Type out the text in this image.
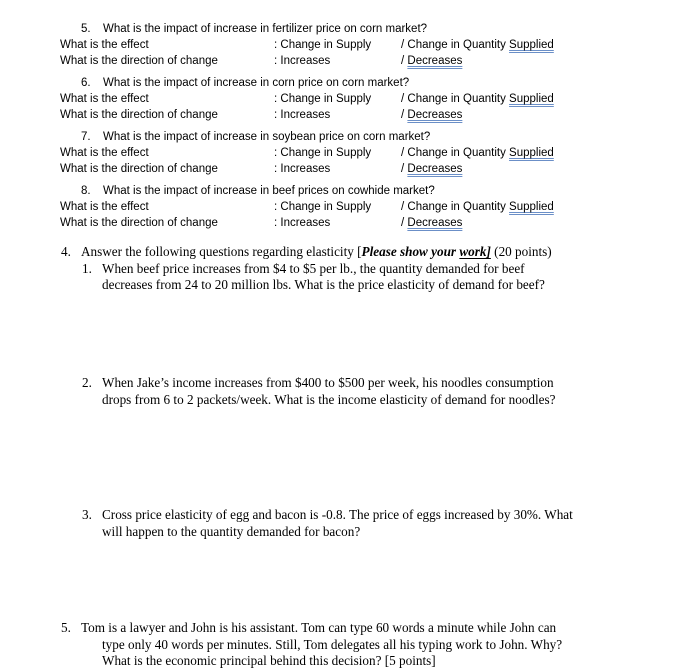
5. What is the impact of increase in fertilizer price on corn market?
What is the effect	: Change in Supply	/ Change in Quantity Supplied
What is the direction of change	: Increases	/ Decreases
6. What is the impact of increase in corn price on corn market?
What is the effect	: Change in Supply	/ Change in Quantity Supplied
What is the direction of change	: Increases	/ Decreases
7. What is the impact of increase in soybean price on corn market?
What is the effect	: Change in Supply	/ Change in Quantity Supplied
What is the direction of change	: Increases	/ Decreases
8. What is the impact of increase in beef prices on cowhide market?
What is the effect	: Change in Supply	/ Change in Quantity Supplied
What is the direction of change	: Increases	/ Decreases
4. Answer the following questions regarding elasticity [Please show your work] (20 points)
1. When beef price increases from $4 to $5 per lb., the quantity demanded for beef
decreases from 24 to 20 million lbs. What is the price elasticity of demand for beef?
2. When Jake’s income increases from $400 to $500 per week, his noodles consumption
drops from 6 to 2 packets/week. What is the income elasticity of demand for noodles?
3. Cross price elasticity of egg and bacon is -0.8. The price of eggs increased by 30%. What
will happen to the quantity demanded for bacon?
5. Tom is a lawyer and John is his assistant. Tom can type 60 words a minute while John can
type only 40 words per minutes. Still, Tom delegates all his typing work to John. Why?
What is the economic principal behind this decision? [5 points]
